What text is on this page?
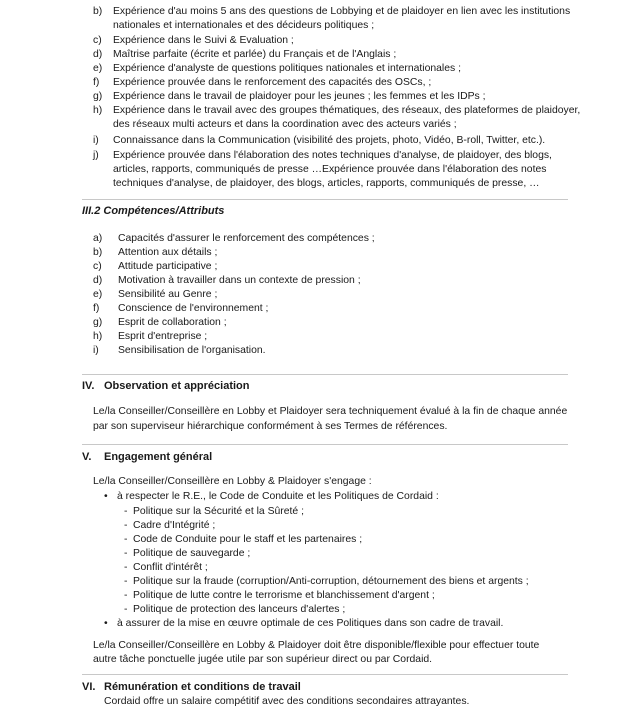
b)	Expérience d'au moins 5 ans des questions de Lobbying et de plaidoyer en lien avec les institutions
nationales et internationales et des décideurs politiques ;
c)	Expérience dans le Suivi & Evaluation ;
d)	Maîtrise parfaite (écrite et parlée) du Français et de l'Anglais ;
e)	Expérience d'analyste de questions politiques nationales et internationales ;
f)	Expérience prouvée dans le renforcement des capacités des OSCs, ;
g)	Expérience dans le travail de plaidoyer pour les jeunes ; les femmes et les IDPs ;
h)	Expérience dans le travail avec des groupes thématiques, des réseaux, des plateformes de plaidoyer,
des réseaux multi acteurs et dans la coordination avec des acteurs variés ;
i)	Connaissance dans la Communication (visibilité des projets, photo, Vidéo, B-roll, Twitter, etc.).
j)	Expérience prouvée dans l'élaboration des notes techniques d'analyse, de plaidoyer, des blogs,
articles, rapports, communiqués de presse …Expérience prouvée dans l'élaboration des notes
techniques d'analyse, de plaidoyer, des blogs, articles, rapports, communiqués de presse, …
III.2 Compétences/Attributs
a)	Capacités d'assurer le renforcement des compétences ;
b)	Attention aux détails ;
c)	Attitude participative ;
d)	Motivation à travailler dans un contexte de pression ;
e)	Sensibilité au Genre ;
f)	Conscience de l'environnement ;
g)	Esprit de collaboration ;
h)	Esprit d'entreprise ;
i)	Sensibilisation de l'organisation.
IV. Observation et appréciation
Le/la Conseiller/Conseillère en Lobby et Plaidoyer sera techniquement évalué à la fin de chaque année
par son superviseur hiérarchique conformément à ses Termes de références.
V. Engagement général
Le/la Conseiller/Conseillère en Lobby & Plaidoyer s'engage :
• à respecter le R.E., le Code de Conduite et les Politiques de Cordaid :
- Politique sur la Sécurité et la Sûreté ;
- Cadre d'Intégrité ;
- Code de Conduite pour le staff et les partenaires ;
- Politique de sauvegarde ;
- Conflit d'intérêt ;
- Politique sur la fraude (corruption/Anti-corruption, détournement des biens et argents ;
- Politique de lutte contre le terrorisme et blanchissement d'argent ;
- Politique de protection des lanceurs d'alertes ;
• à assurer de la mise en œuvre optimale de ces Politiques dans son cadre de travail.
Le/la Conseiller/Conseillère en Lobby & Plaidoyer doit être disponible/flexible pour effectuer toute
autre tâche ponctuelle jugée utile par son supérieur direct ou par Cordaid.
VI. Rémunération et conditions de travail
Cordaid offre un salaire compétitif avec des conditions secondaires attrayantes.
